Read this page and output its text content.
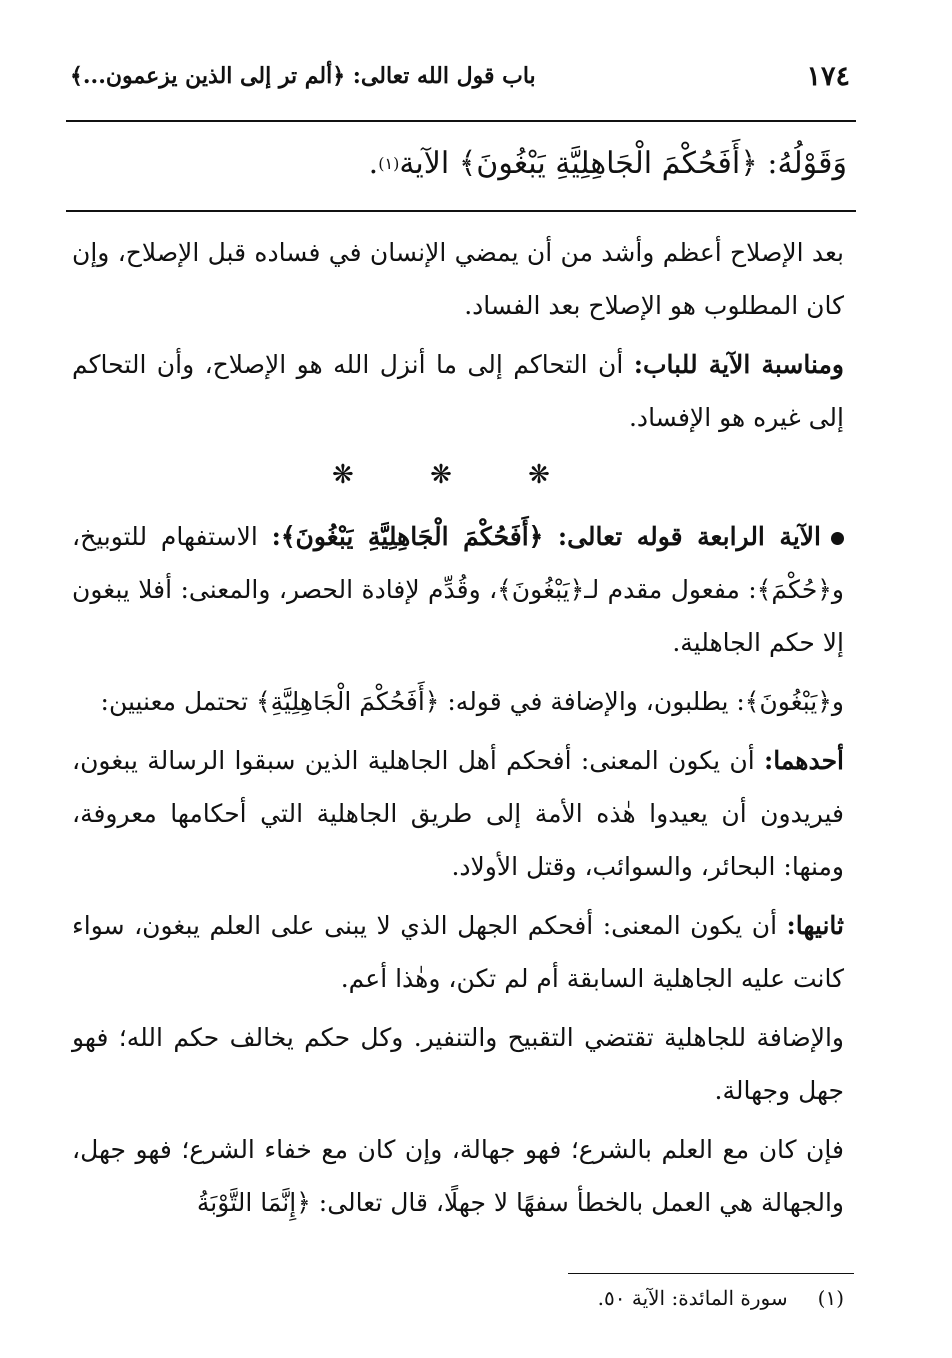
١٧٤
باب قول الله تعالى: ﴿ألم تر إلى الذين يزعمون...﴾
وَقَوْلُهُ: ﴿أَفَحُكْمَ الْجَاهِلِيَّةِ يَبْغُونَ﴾ الآية
(١)
.

بعد الإصلاح أعظم وأشد من أن يمضي الإنسان في فساده قبل الإصلاح، وإن كان المطلوب هو الإصلاح بعد الفساد.

ومناسبة الآية للباب: أن التحاكم إلى ما أنزل الله هو الإصلاح، وأن التحاكم إلى غيره هو الإفساد.

❋ ❋ ❋

الآية الرابعة قوله تعالى: ﴿أَفَحُكْمَ الْجَاهِلِيَّةِ يَبْغُونَ﴾: الاستفهام للتوبيخ، و﴿حُكْمَ﴾: مفعول مقدم لـ﴿يَبْغُونَ﴾، وقُدِّم لإفادة الحصر، والمعنى: أفلا يبغون إلا حكم الجاهلية.

و﴿يَبْغُونَ﴾: يطلبون، والإضافة في قوله: ﴿أَفَحُكْمَ الْجَاهِلِيَّةِ﴾ تحتمل معنيين:

أحدهما: أن يكون المعنى: أفحكم أهل الجاهلية الذين سبقوا الرسالة يبغون، فيريدون أن يعيدوا هٰذه الأمة إلى طريق الجاهلية التي أحكامها معروفة، ومنها: البحائر، والسوائب، وقتل الأولاد.

ثانيها: أن يكون المعنى: أفحكم الجهل الذي لا يبنى على العلم يبغون، سواء كانت عليه الجاهلية السابقة أم لم تكن، وهٰذا أعم.

والإضافة للجاهلية تقتضي التقبيح والتنفير. وكل حكم يخالف حكم الله؛ فهو جهل وجهالة.

فإن كان مع العلم بالشرع؛ فهو جهالة، وإن كان مع خفاء الشرع؛ فهو جهل، والجهالة هي العمل بالخطأ سفهًا لا جهلًا، قال تعالى: ﴿إِنَّمَا التَّوْبَةُ

(١)سورة المائدة: الآية ٥٠.
